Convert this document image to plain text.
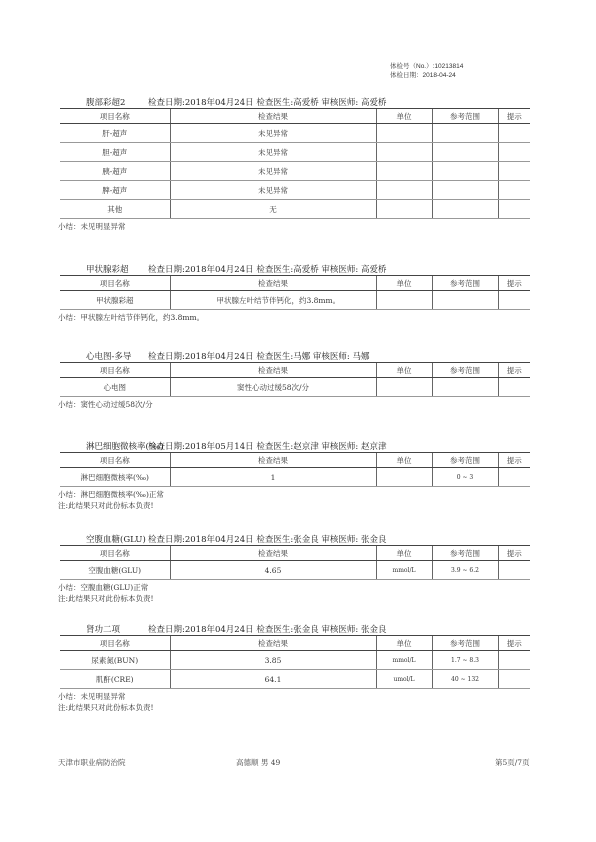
体检号（No.）:10213814
体检日期：2018-04-24
腹部彩超2	检查日期:2018年04月24日 检查医生:高爱桥 审核医师: 高爱桥
项目名称	检查结果	单位	参考范围	提示
肝-超声	未见异常			
胆-超声	未见异常			
胰-超声	未见异常			
脾-超声	未见异常			
其他	无			
小结：未见明显异常
甲状腺彩超	检查日期:2018年04月24日 检查医生:高爱桥 审核医师: 高爱桥
项目名称	检查结果	单位	参考范围	提示
甲状腺彩超	甲状腺左叶结节伴钙化，约3.8mm。			
小结：甲状腺左叶结节伴钙化，约3.8mm。
心电图-多导	检查日期:2018年04月24日 检查医生:马娜 审核医师: 马娜
项目名称	检查结果	单位	参考范围	提示
心电图	窦性心动过缓58次/分			
小结：窦性心动过缓58次/分
淋巴细胞微核率(‰)
检查日期:2018年05月14日 检查医生:赵京津 审核医师: 赵京津
项目名称	检查结果	单位	参考范围	提示
淋巴细胞微核率(‰)	1		0 ~ 3	
小结：淋巴细胞微核率(‰)正常
注:此结果只对此份标本负责!
空腹血糖(GLU) 检查日期:2018年04月24日 检查医生:张金良 审核医师: 张金良
项目名称	检查结果	单位	参考范围	提示
空腹血糖(GLU)	4.65	mmol/L	3.9 ~ 6.2	
小结：空腹血糖(GLU)正常
注:此结果只对此份标本负责!
肾功二项	检查日期:2018年04月24日 检查医生:张金良 审核医师: 张金良
项目名称	检查结果	单位	参考范围	提示
尿素氮(BUN)	3.85	mmol/L	1.7 ~ 8.3	
肌酐(CRE)	64.1	umol/L	40 ~ 132	
小结：未见明显异常
注:此结果只对此份标本负责!
天津市职业病防治院	高德顺 男 49	第5页/7页
